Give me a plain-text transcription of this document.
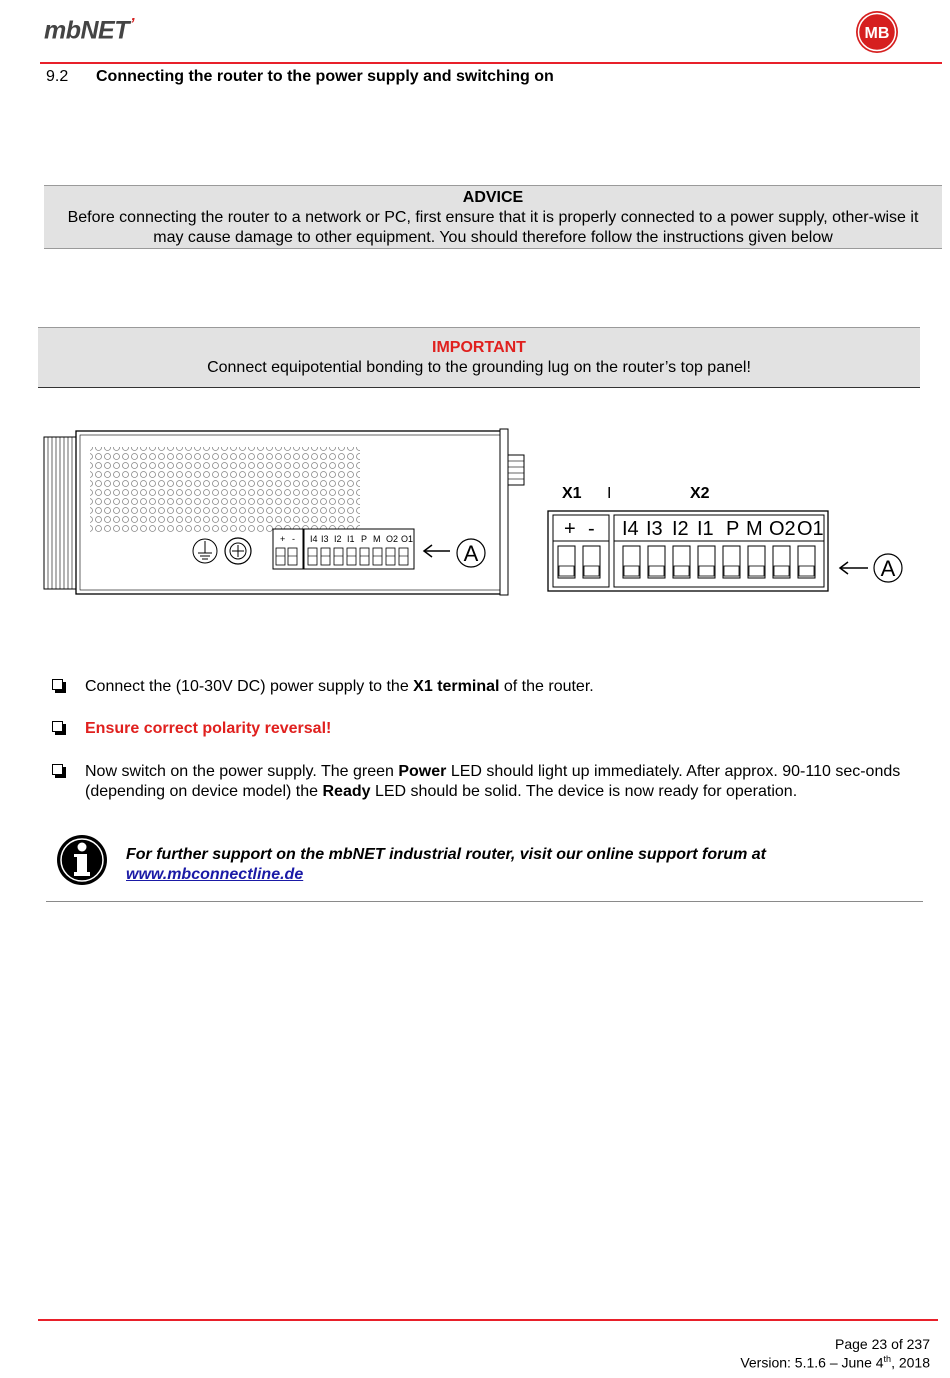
mbNET$^ʼ$
MB
9.2 Connecting the router to the power supply and switching on
ADVICE
Before connecting the router to a network or PC, first ensure that it is properly connected to a power supply, other-wise it may cause damage to other equipment. You should therefore follow the instructions given below
IMPORTANT
Connect equipotential bonding to the grounding lug on the router’s top panel!
+ - I4 I3 I2 I1 P M O2 O1
A
X1 I	X2
+ - I4 I3 I2 I1 P M O2 O1
A
Connect the (10-30V DC) power supply to the X1 terminal of the router.
Ensure correct polarity reversal!
Now switch on the power supply. The green Power LED should light up immediately. After approx. 90-110 sec-onds (depending on device model) the Ready LED should be solid. The device is now ready for operation.
For further support on the mbNET industrial router, visit our online support forum at
www.mbconnectline.de
Page 23 of 237
Version: 5.1.6 – June 4th, 2018
